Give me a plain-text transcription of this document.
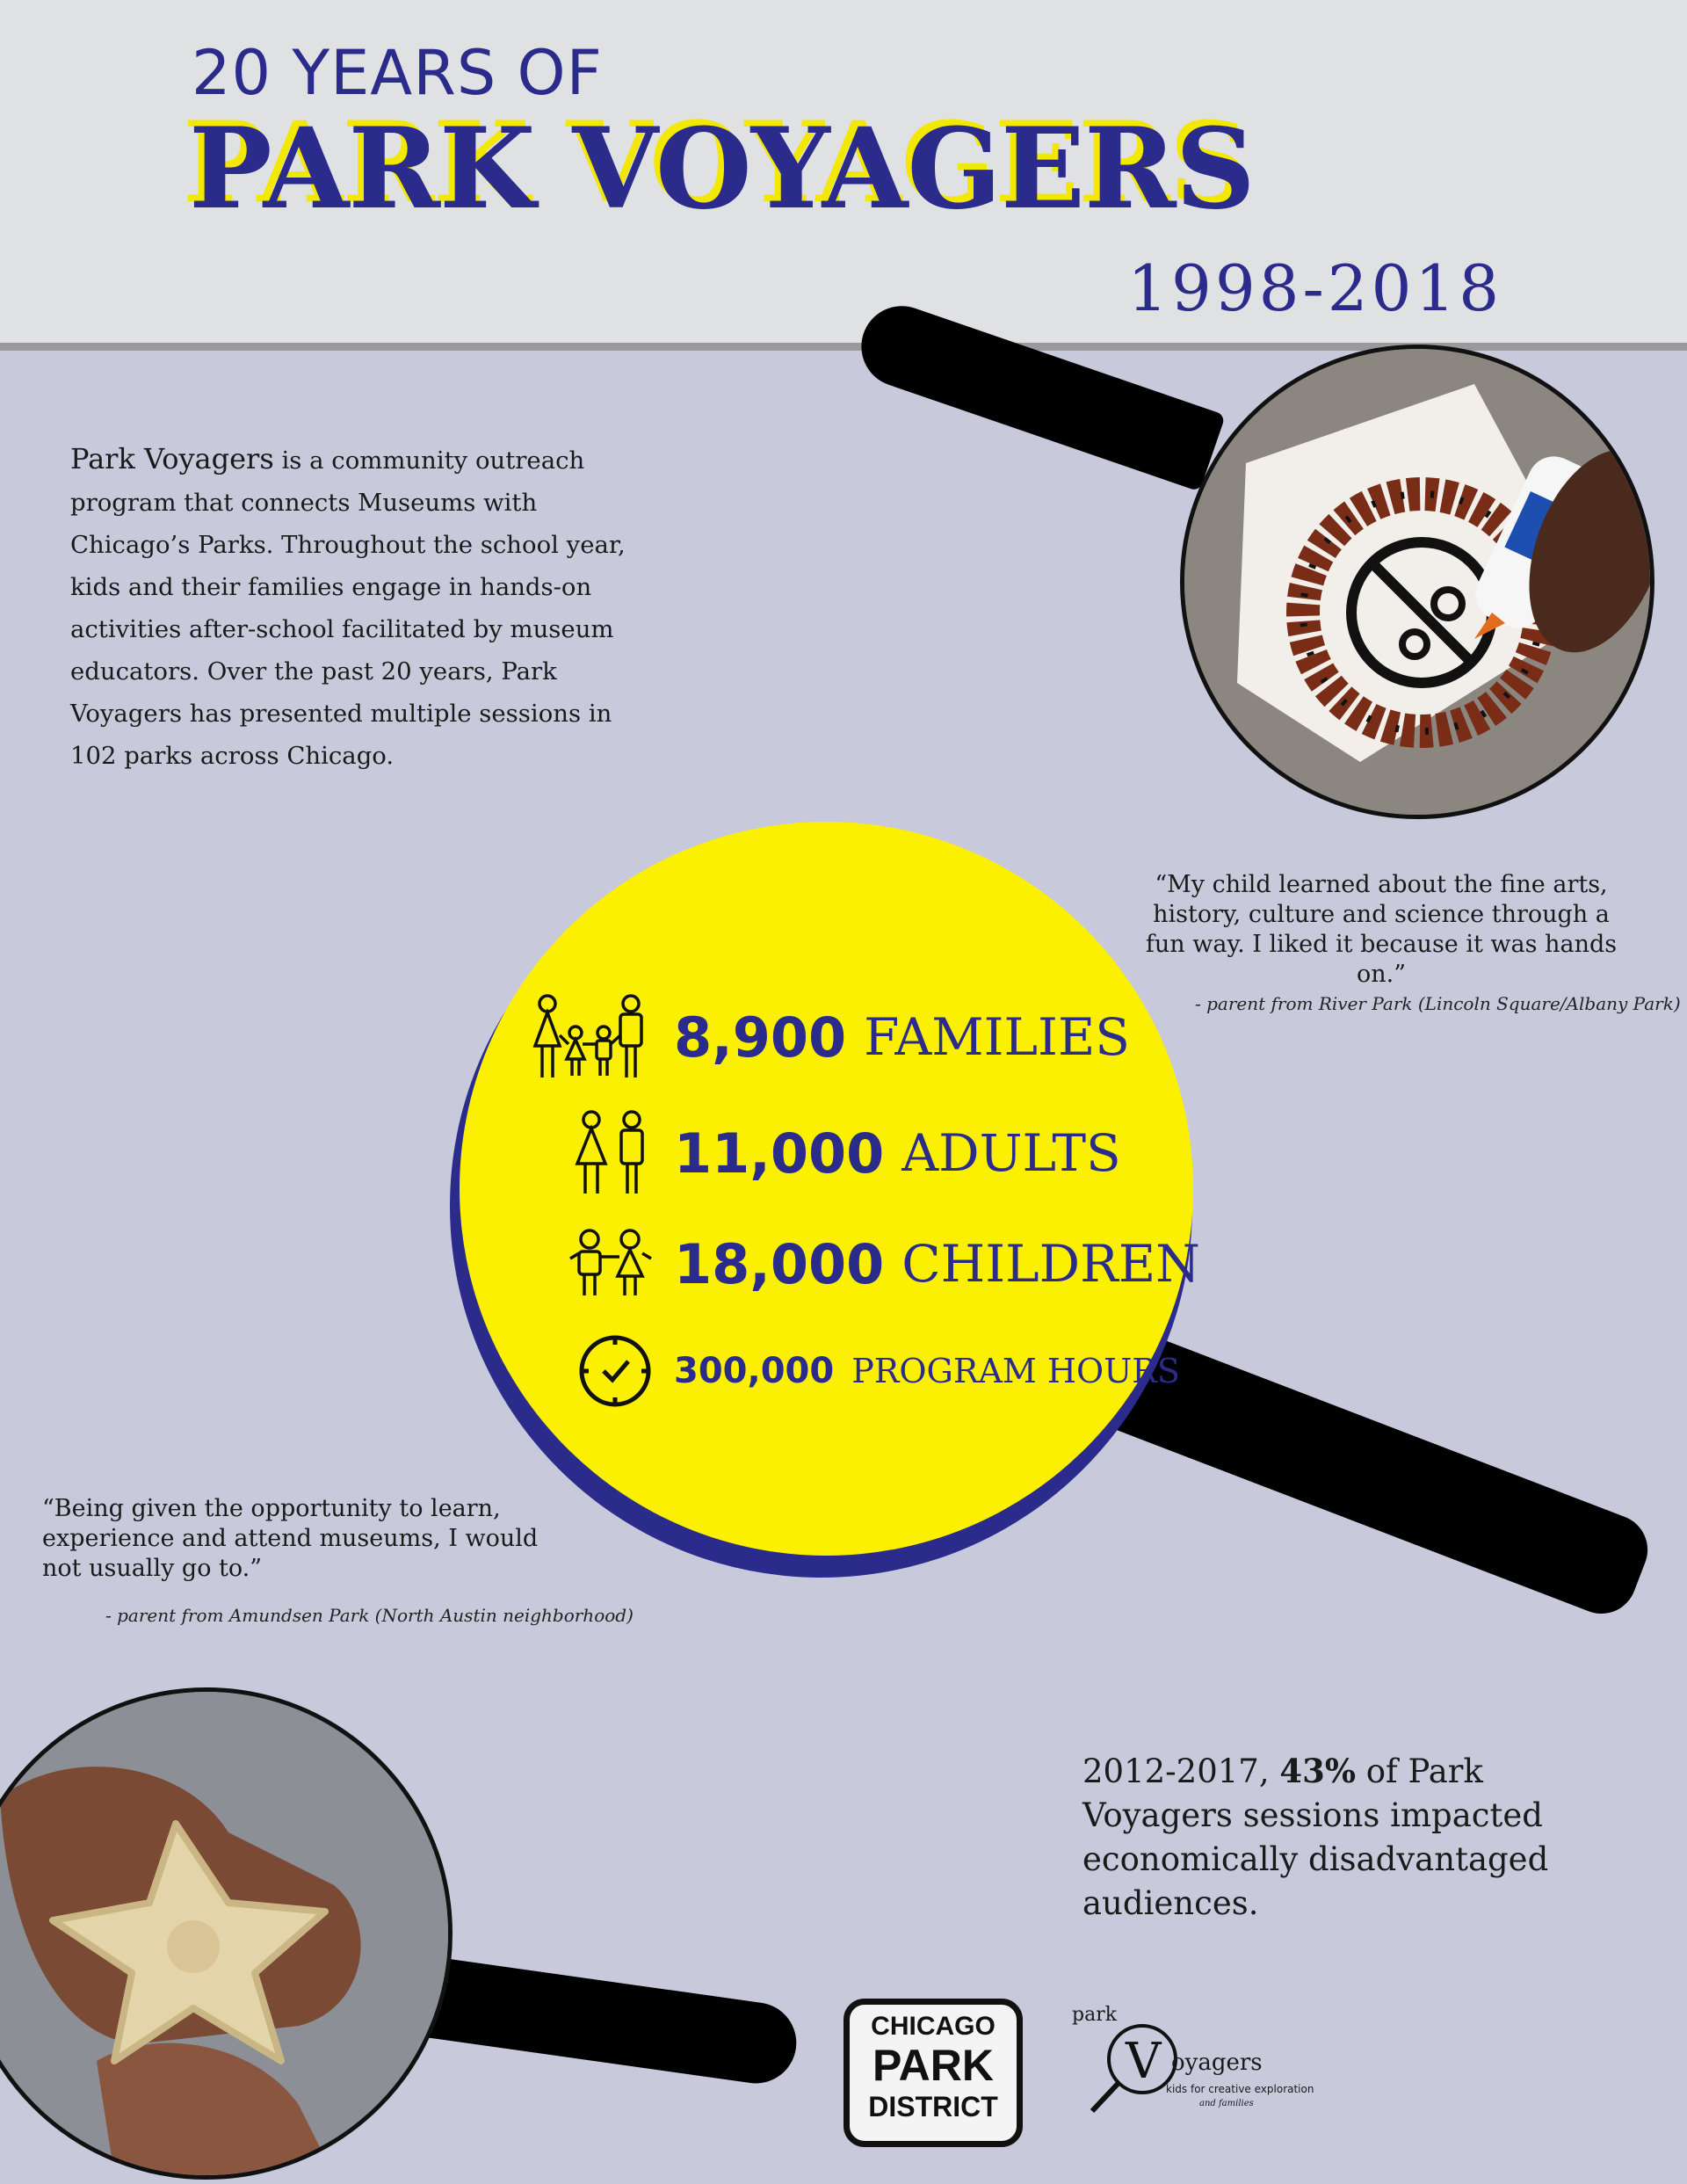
20 YEARS OF
PARK VOYAGERS
1998-2018
Park Voyagers is a community outreach program that connects Museums with Chicago’s Parks. Throughout the school year, kids and their families engage in hands-on activities after-school facilitated by museum educators. Over the past 20 years, Park Voyagers has presented multiple sessions in 102 parks across Chicago.
“My child learned about the fine arts, history, culture and science through a fun way. I liked it because it was hands on.”
- parent from River Park (Lincoln Square/Albany Park)
8,900 FAMILIES
11,000 ADULTS
18,000 CHILDREN
300,000 PROGRAM HOURS
“Being given the opportunity to learn, experience and attend museums, I would not usually go to.”
- parent from Amundsen Park (North Austin neighborhood)
2012-2017, 43% of Park Voyagers sessions impacted economically disadvantaged audiences.
CHICAGO
PARK
DISTRICT
park
V oyagers
kids for creative exploration
and families
